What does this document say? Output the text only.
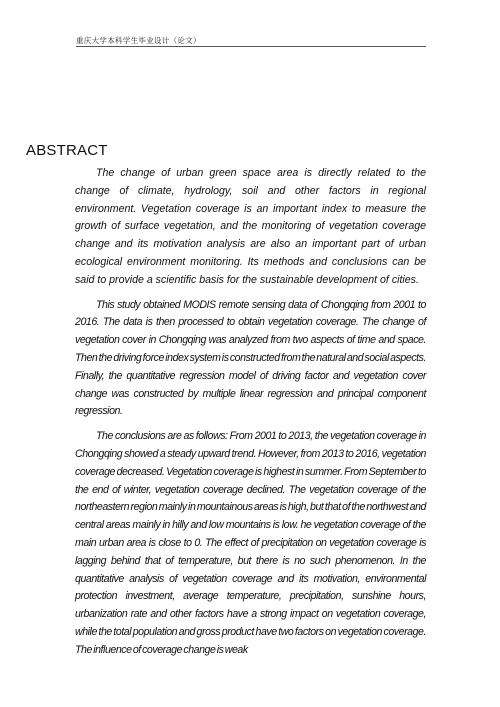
重庆大学本科学生毕业设计（论文）
ABSTRACT

The change of urban green space area is directly related to the change of climate, hydrology, soil and other factors in regional environment. Vegetation coverage is an important index to measure the growth of surface vegetation, and the monitoring of vegetation coverage change and its motivation analysis are also an important part of urban ecological environment monitoring. Its methods and conclusions can be said to provide a scientific basis for the sustainable development of cities.

This study obtained MODIS remote sensing data of Chongqing from 2001 to 2016. The data is then processed to obtain vegetation coverage. The change of vegetation cover in Chongqing was analyzed from two aspects of time and space. Then the driving force index system is constructed from the natural and social aspects. Finally, the quantitative regression model of driving factor and vegetation cover change was constructed by multiple linear regression and principal component regression.

The conclusions are as follows: From 2001 to 2013, the vegetation coverage in Chongqing showed a steady upward trend. However, from 2013 to 2016, vegetation coverage decreased. Vegetation coverage is highest in summer. From September to the end of winter, vegetation coverage declined. The vegetation coverage of the northeastern region mainly in mountainous areas is high, but that of the northwest and central areas mainly in hilly and low mountains is low. he vegetation coverage of the main urban area is close to 0. The effect of precipitation on vegetation coverage is lagging behind that of temperature, but there is no such phenomenon. In the quantitative analysis of vegetation coverage and its motivation, environmental protection investment, average temperature, precipitation, sunshine hours, urbanization rate and other factors have a strong impact on vegetation coverage, while the total population and gross product have two factors on vegetation coverage. The influence of coverage change is weak
